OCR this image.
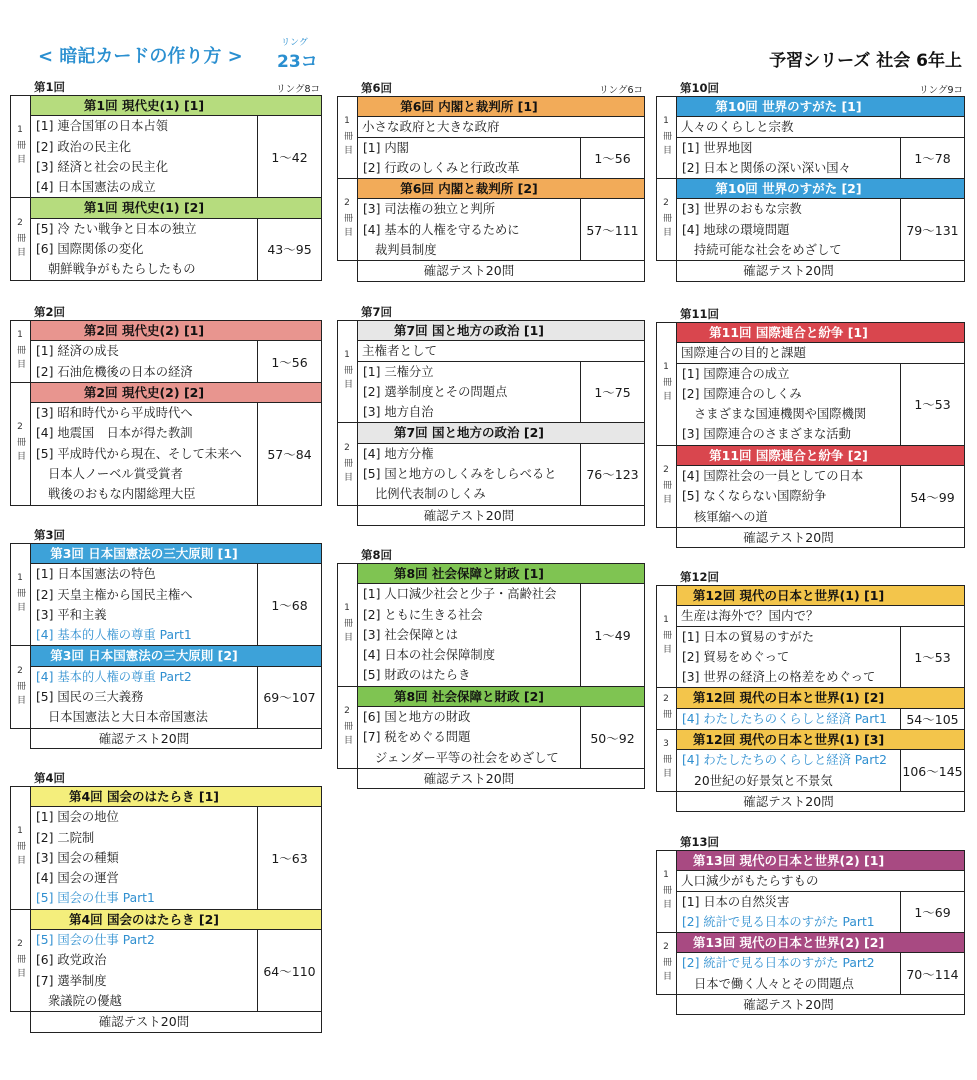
< 暗記カードの作り方 >
リング
23コ	予習シリーズ 社会 6年上
第1回	リング8コ
1冊目
第1回 現代史(1) [1]
[1] 連合国軍の日本占領
[2] 政治の民主化
[3] 経済と社会の民主化
[4] 日本国憲法の成立
1～42
2冊目
第1回 現代史(1) [2]
[5] 冷 たい戦争と日本の独立
[6] 国際関係の変化
朝鮮戦争がもたらしたもの
43～95
第2回
1冊目	第2回 現代史(2) [1]
[1] 経済の成長
[2] 石油危機後の日本の経済
1～56
2冊目
第2回 現代史(2) [2]
[3] 昭和時代から平成時代へ
[4] 地震国　日本が得た教訓
[5] 平成時代から現在、そして未来へ
日本人ノーベル賞受賞者
戦後のおもな内閣総理大臣
57～84
第3回
1冊目
第3回 日本国憲法の三大原則 [1]
[1] 日本国憲法の特色
[2] 天皇主権から国民主権へ
[3] 平和主義
[4] 基本的人権の尊重 Part1
1～68
2冊目
第3回 日本国憲法の三大原則 [2]
[4] 基本的人権の尊重 Part2
[5] 国民の三大義務
日本国憲法と大日本帝国憲法
69～107
確認テスト20問
第4回
1冊目
第4回 国会のはたらき [1]
[1] 国会の地位
[2] 二院制
[3] 国会の種類
[4] 国会の運営
[5] 国会の仕事 Part1
1～63
2冊目
第4回 国会のはたらき [2]
[5] 国会の仕事 Part2
[6] 政党政治
[7] 選挙制度
衆議院の優越
64～110
確認テスト20問
第6回	リング6コ
1冊目
第6回 内閣と裁判所 [1]
小さな政府と大きな政府
[1] 内閣
[2] 行政のしくみと行政改革
1～56
2冊目
第6回 内閣と裁判所 [2]
[3] 司法権の独立と判所
[4] 基本的人権を守るために
裁判員制度
57～111
確認テスト20問
第7回
1冊目
第7回 国と地方の政治 [1]
主権者として
[1] 三権分立
[2] 選挙制度とその問題点
[3] 地方自治
1～75
2冊目
第7回 国と地方の政治 [2]
[4] 地方分権
[5] 国と地方のしくみをしらべると
比例代表制のしくみ
76～123
確認テスト20問
第8回
1冊目
第8回 社会保障と財政 [1]
[1] 人口減少社会と少子・高齢社会
[2] ともに生きる社会
[3] 社会保障とは
[4] 日本の社会保障制度
[5] 財政のはたらき
1～49
2冊目
第8回 社会保障と財政 [2]
[6] 国と地方の財政
[7] 税をめぐる問題
ジェンダー平等の社会をめざして
50～92
確認テスト20問
第10回	リング9コ
1冊目
第10回 世界のすがた [1]
人々のくらしと宗教
[1] 世界地図
[2] 日本と関係の深い深い国々
1～78
2冊目
第10回 世界のすがた [2]
[3] 世界のおもな宗教
[4] 地球の環境問題
持続可能な社会をめざして
79～131
確認テスト20問
第11回
1冊目
第11回 国際連合と紛争 [1]
国際連合の目的と課題
[1] 国際連合の成立
[2] 国際連合のしくみ
さまざまな国連機関や国際機関
[3] 国際連合のさまざまな活動
1～53
2冊目
第11回 国際連合と紛争 [2]
[4] 国際社会の一員としての日本
[5] なくならない国際紛争
核軍縮への道
54～99
確認テスト20問
第12回
1冊目
第12回 現代の日本と世界(1) [1]
生産は海外で？国内で？
[1] 日本の貿易のすがた
[2] 貿易をめぐって
[3] 世界の経済上の格差をめぐって
1～53
2冊	第12回 現代の日本と世界(1) [2]
[4] わたしたちのくらしと経済 Part1	54～105
3冊目	第12回 現代の日本と世界(1) [3]
[4] わたしたちのくらしと経済 Part2
20世紀の好景気と不景気
106～145
確認テスト20問
第13回
1冊目
第13回 現代の日本と世界(2) [1]
人口減少がもたらすもの
[1] 日本の自然災害
[2] 統計で見る日本のすがた Part1
1～69
2冊目	第13回 現代の日本と世界(2) [2]
[2] 統計で見る日本のすがた Part2
日本で働く人々とその問題点
70～114
確認テスト20問
